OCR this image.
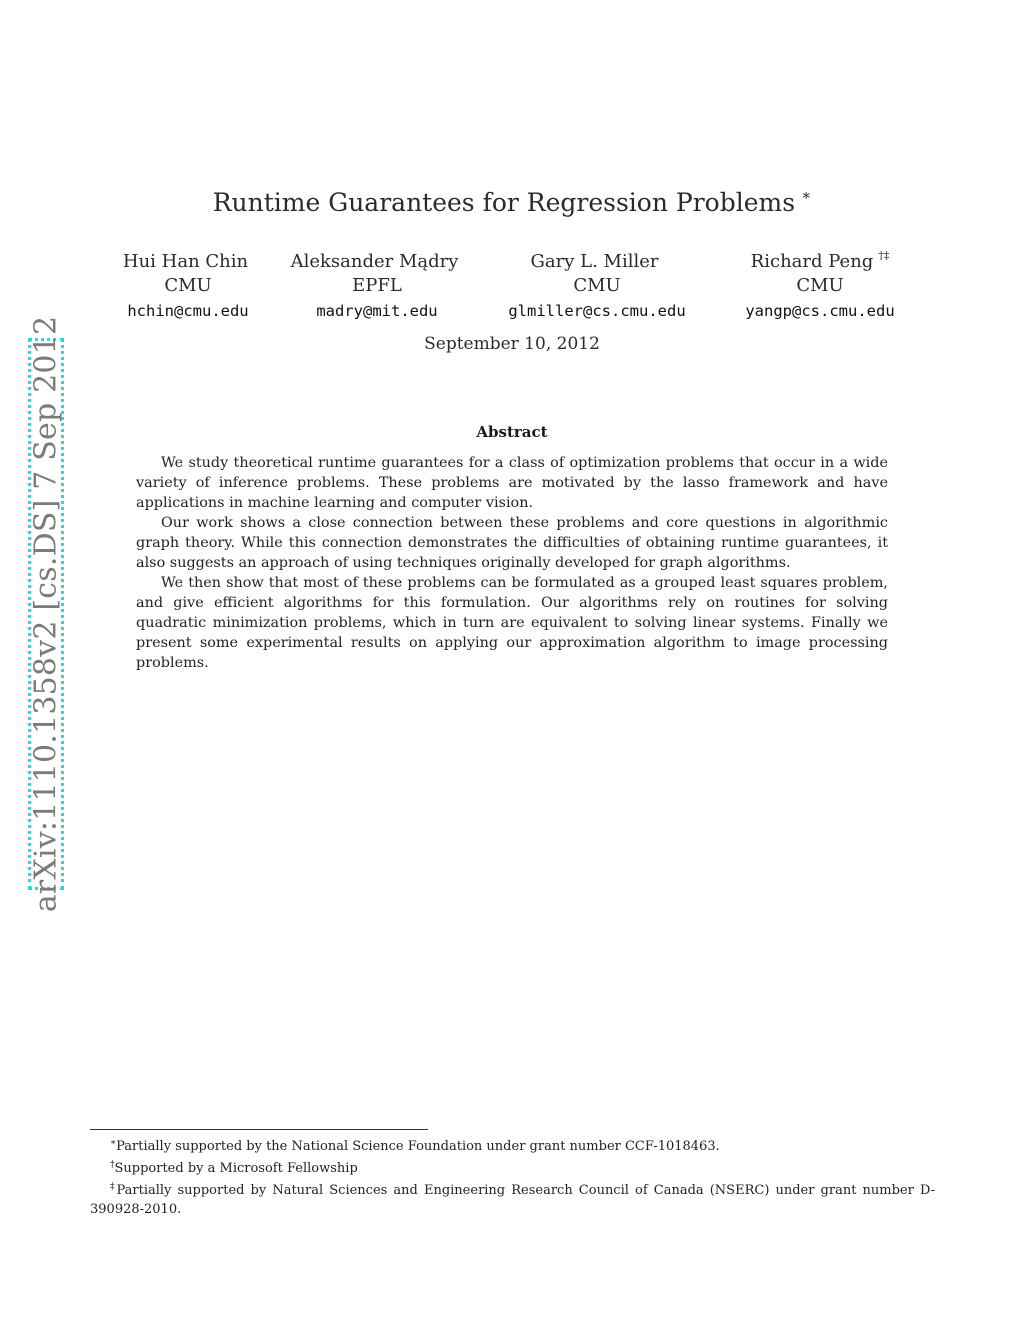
arXiv:1110.1358v2 [cs.DS] 7 Sep 2012
Runtime Guarantees for Regression Problems ∗
Hui Han Chin
CMU
hchin@cmu.edu
Aleksander Mądry
EPFL
madry@mit.edu
Gary L. Miller
CMU
glmiller@cs.cmu.edu
Richard Peng †‡
CMU
yangp@cs.cmu.edu
September 10, 2012
Abstract

We study theoretical runtime guarantees for a class of optimization problems that occur in a wide variety of inference problems. These problems are motivated by the lasso framework and have applications in machine learning and computer vision.

Our work shows a close connection between these problems and core questions in algorithmic graph theory. While this connection demonstrates the difficulties of obtaining runtime guarantees, it also suggests an approach of using techniques originally developed for graph algorithms.

We then show that most of these problems can be formulated as a grouped least squares problem, and give efficient algorithms for this formulation. Our algorithms rely on routines for solving quadratic minimization problems, which in turn are equivalent to solving linear systems. Finally we present some experimental results on applying our approximation algorithm to image processing problems.

∗Partially supported by the National Science Foundation under grant number CCF-1018463.

†Supported by a Microsoft Fellowship

‡Partially supported by Natural Sciences and Engineering Research Council of Canada (NSERC) under grant number D-390928-2010.
